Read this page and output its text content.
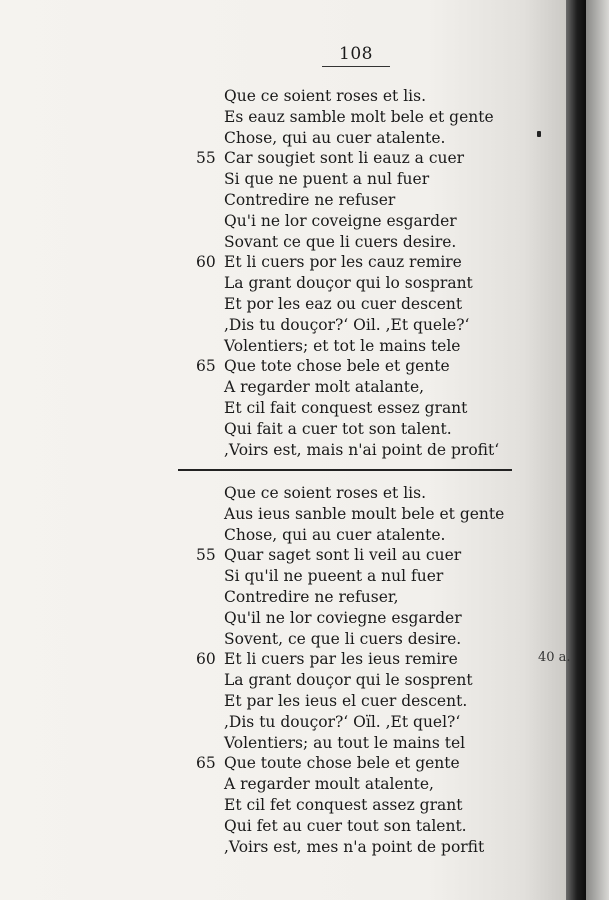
108
Que ce soient roses et lis.
Es eauz samble molt bele et gente
Chose, qui au cuer atalente.
55 Car sougiet sont li eauz a cuer
Si que ne puent a nul fuer
Contredire ne refuser
Qu'i ne lor coveigne esgarder
Sovant ce que li cuers desire.
60 Et li cuers por les cauz remire
La grant douçor qui lo sosprant
Et por les eaz ou cuer descent
,Dis tu douçor?‘ Oil. ,Et quele?‘
Volentiers; et tot le mains tele
65 Que tote chose bele et gente
A regarder molt atalante,
Et cil fait conquest essez grant
Qui fait a cuer tot son talent.
,Voirs est, mais n'ai point de profit‘
Que ce soient roses et lis.
Aus ieus sanble moult bele et gente
Chose, qui au cuer atalente.
55 Quar saget sont li veil au cuer
Si qu'il ne pueent a nul fuer
Contredire ne refuser,
Qu'il ne lor coviegne esgarder
Sovent, ce que li cuers desire.
60 Et li cuers par les ieus remire
La grant douçor qui le sosprent
Et par les ieus el cuer descent.
,Dis tu douçor?‘ Oïl. ,Et quel?‘
Volentiers; au tout le mains tel
65 Que toute chose bele et gente
A regarder moult atalente,
Et cil fet conquest assez grant
Qui fet au cuer tout son talent.
,Voirs est, mes n'a point de porfit
40 a.
